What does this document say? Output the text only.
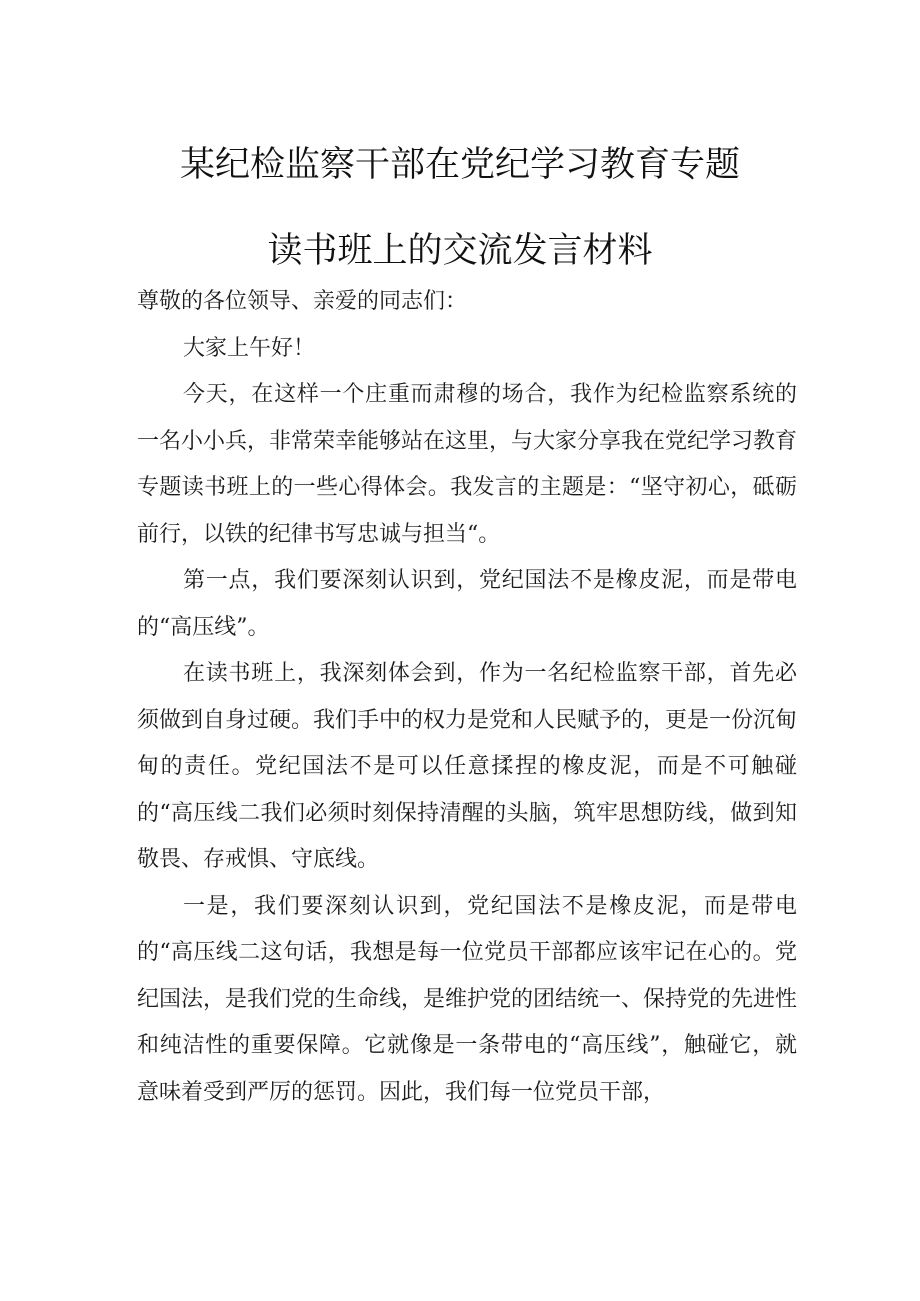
某纪检监察干部在党纪学习教育专题
读书班上的交流发言材料

尊敬的各位领导、亲爱的同志们：

大家上午好！

今天，在这样一个庄重而肃穆的场合，我作为纪检监察系统的一名小小兵，非常荣幸能够站在这里，与大家分享我在党纪学习教育专题读书班上的一些心得体会。我发言的主题是：“坚守初心，砥砺前行，以铁的纪律书写忠诚与担当“。

第一点，我们要深刻认识到，党纪国法不是橡皮泥，而是带电的“高压线”。

在读书班上，我深刻体会到，作为一名纪检监察干部，首先必须做到自身过硬。我们手中的权力是党和人民赋予的，更是一份沉甸甸的责任。党纪国法不是可以任意揉捏的橡皮泥，而是不可触碰的“高压线二我们必须时刻保持清醒的头脑，筑牢思想防线，做到知敬畏、存戒惧、守底线。

一是，我们要深刻认识到，党纪国法不是橡皮泥，而是带电的“高压线二这句话，我想是每一位党员干部都应该牢记在心的。党纪国法，是我们党的生命线，是维护党的团结统一、保持党的先进性和纯洁性的重要保障。它就像是一条带电的“高压线”，触碰它，就意味着受到严厉的惩罚。因此，我们每一位党员干部，
